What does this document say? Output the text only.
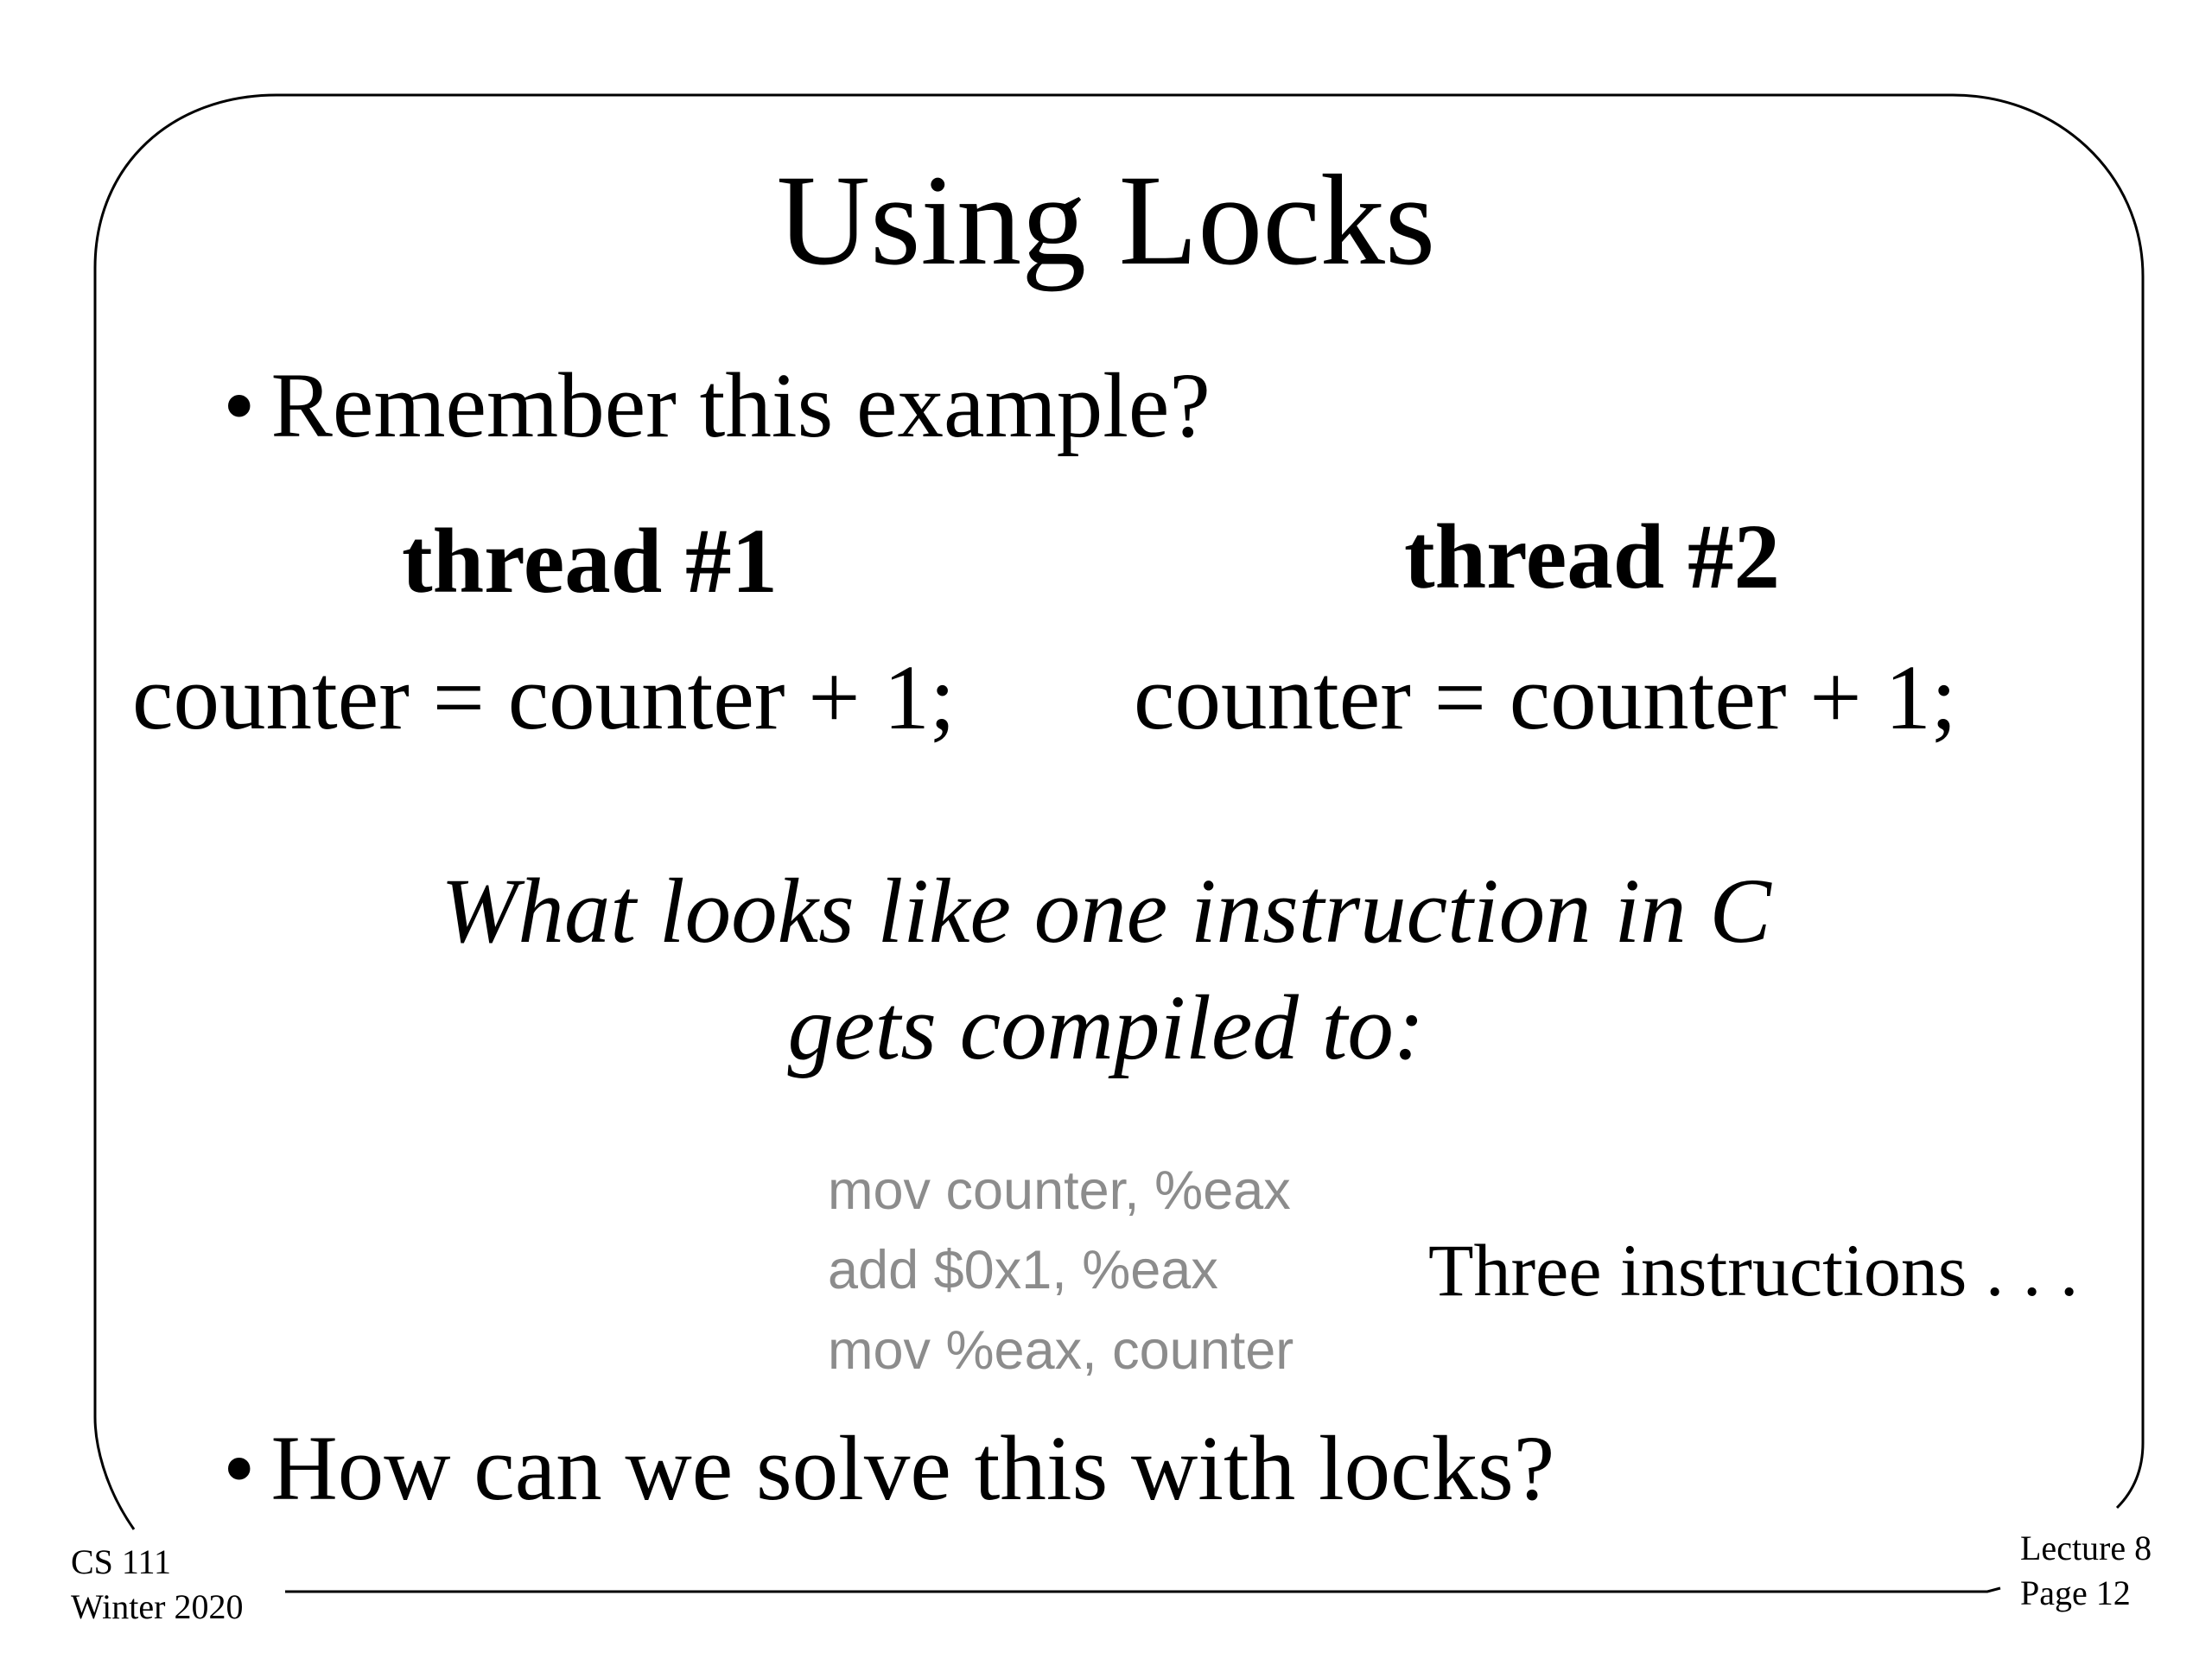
Using Locks
• Remember this example?
thread #1	thread #2
counter = counter + 1; counter = counter + 1;
What looks like one instruction in C
gets compiled to:
mov counter, %eax
add $0x1, %eax
mov %eax, counter
Three instructions . . .
• How can we solve this with locks?
CS 111
Winter 2020
Lecture 8
Page 12
